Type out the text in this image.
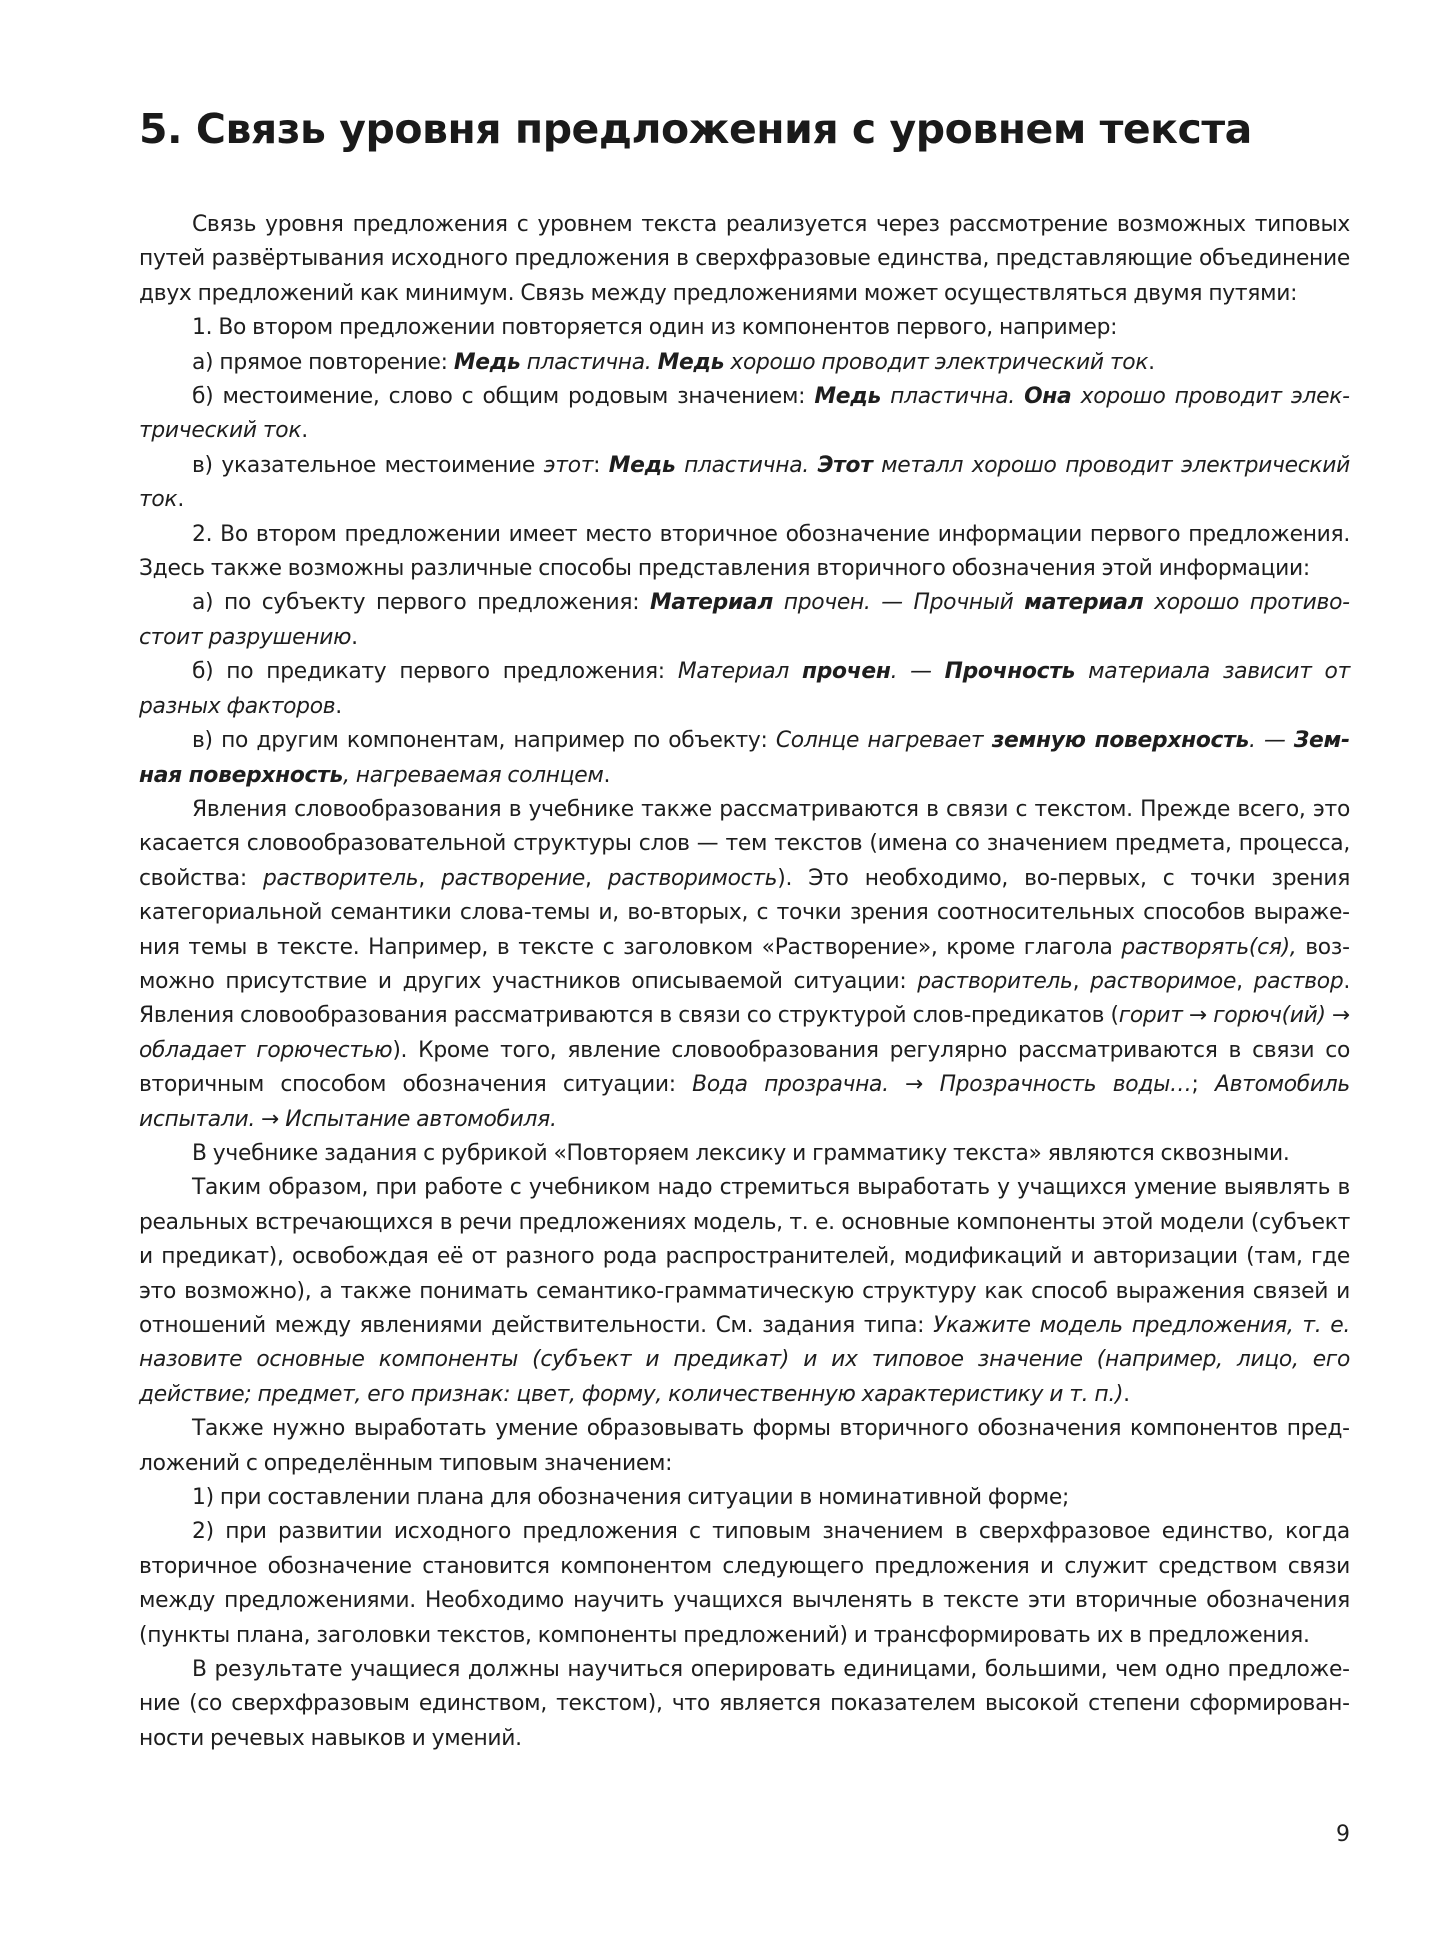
5. Связь уровня предложения с уровнем текста

Связь уровня предложения с уровнем текста реализуется через рассмотрение возможных типовых путей развёртывания исходного предложения в сверхфразовые единства, представляющие объединение двух предложений как минимум. Связь между предложениями может осуществляться двумя путями:

1. Во втором предложении повторяется один из компонентов первого, например:

а) прямое повторение: Медь пластична. Медь хорошо проводит электрический ток.

б) местоимение, слово с общим родовым значением: Медь пластична. Она хорошо проводит электрический ток.

в) указательное местоимение этот: Медь пластична. Этот металл хорошо проводит электрический ток.

2. Во втором предложении имеет место вторичное обозначение информации первого предложения. Здесь также возможны различные способы представления вторичного обозначения этой информации:

а) по субъекту первого предложения: Материал прочен. — Прочный материал хорошо противостоит разрушению.

б) по предикату первого предложения: Материал прочен. — Прочность материала зависит от разных факторов.

в) по другим компонентам, например по объекту: Солнце нагревает земную поверхность. — Земная поверхность, нагреваемая солнцем.

Явления словообразования в учебнике также рассматриваются в связи с текстом. Прежде всего, это касается словообразовательной структуры слов — тем текстов (имена со значением предмета, процесса, свойства: растворитель, растворение, растворимость). Это необходимо, во-первых, с точки зрения категориальной семантики слова-темы и, во-вторых, с точки зрения соотносительных способов выражения темы в тексте. Например, в тексте с заголовком «Растворение», кроме глагола растворять(ся), возможно присутствие и других участников описываемой ситуации: растворитель, растворимое, раствор. Явления словообразования рассматриваются в связи со структурой слов-предикатов (горит → горюч(ий) → обладает горючестью). Кроме того, явление словообразования регулярно рассматриваются в связи со вторичным способом обозначения ситуации: Вода прозрачна. → Прозрачность воды…; Автомобиль испытали. → Испытание автомобиля.

В учебнике задания с рубрикой «Повторяем лексику и грамматику текста» являются сквозными.

Таким образом, при работе с учебником надо стремиться выработать у учащихся умение выявлять в реальных встречающихся в речи предложениях модель, т. е. основные компоненты этой модели (субъект и предикат), освобождая её от разного рода распространителей, модификаций и авторизации (там, где это возможно), а также понимать семантико-грамматическую структуру как способ выражения связей и отношений между явлениями действительности. См. задания типа: Укажите модель предложения, т. е. назовите основные компоненты (субъект и предикат) и их типовое значение (например, лицо, его действие; предмет, его признак: цвет, форму, количественную характеристику и т. п.).

Также нужно выработать умение образовывать формы вторичного обозначения компонентов предложений с определённым типовым значением:

1) при составлении плана для обозначения ситуации в номинативной форме;

2) при развитии исходного предложения с типовым значением в сверхфразовое единство, когда вторичное обозначение становится компонентом следующего предложения и служит средством связи между предложениями. Необходимо научить учащихся вычленять в тексте эти вторичные обозначения (пункты плана, заголовки текстов, компоненты предложений) и трансформировать их в предложения.

В результате учащиеся должны научиться оперировать единицами, большими, чем одно предложение (со сверхфразовым единством, текстом), что является показателем высокой степени сформированности речевых навыков и умений.

9
